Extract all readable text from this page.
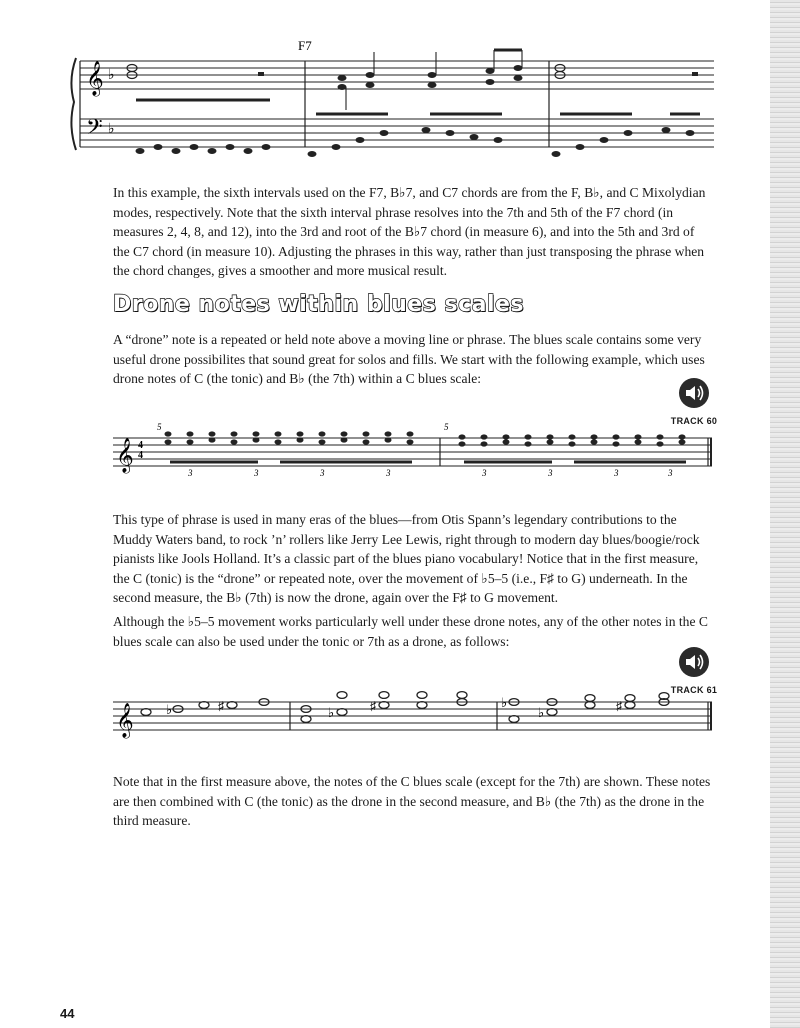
𝄞
𝄢
♭
♭
F7

In this example, the sixth intervals used on the F7, B♭7, and C7 chords are from the F, B♭, and C Mixolydian modes, respectively. Note that the sixth interval phrase resolves into the 7th and 5th of the F7 chord (in measures 2, 4, 8, and 12), into the 3rd and root of the B♭7 chord (in measure 6), and into the 5th and 3rd of the C7 chord (in measure 10). Adjusting the phrases in this way, rather than just transposing the phrase when the chord changes, gives a smoother and more musical result.

Drone notes within blues scales

A “drone” note is a repeated or held note above a moving line or phrase. The blues scale contains some very useful drone possibilites that sound great for solos and fills. We start with the following example, which uses drone notes of C (the tonic) and B♭ (the 7th) within a C blues scale:

TRACK 60
𝄞 4
4
5
3	3	3	3
5
3	3	3	3

This type of phrase is used in many eras of the blues—from Otis Spann’s legendary contributions to the Muddy Waters band, to rock ’n’ rollers like Jerry Lee Lewis, right through to modern day blues/boogie/rock pianists like Jools Holland. It’s a classic part of the blues piano vocabulary! Notice that in the first measure, the C (tonic) is the “drone” or repeated note, over the movement of ♭5–5 (i.e., F♯ to G) underneath. In the second measure, the B♭ (7th) is now the drone, again over the F♯ to G movement.

Although the ♭5–5 movement works particularly well under these drone notes, any of the other notes in the C blues scale can also be used under the tonic or 7th as a drone, as follows:

TRACK 61
𝄞 ♭	♯	♭	♯	♭
♭	♯

Note that in the first measure above, the notes of the C blues scale (except for the 7th) are shown. These notes are then combined with C (the tonic) as the drone in the second measure, and B♭ (the 7th) as the drone in the third measure.

44
